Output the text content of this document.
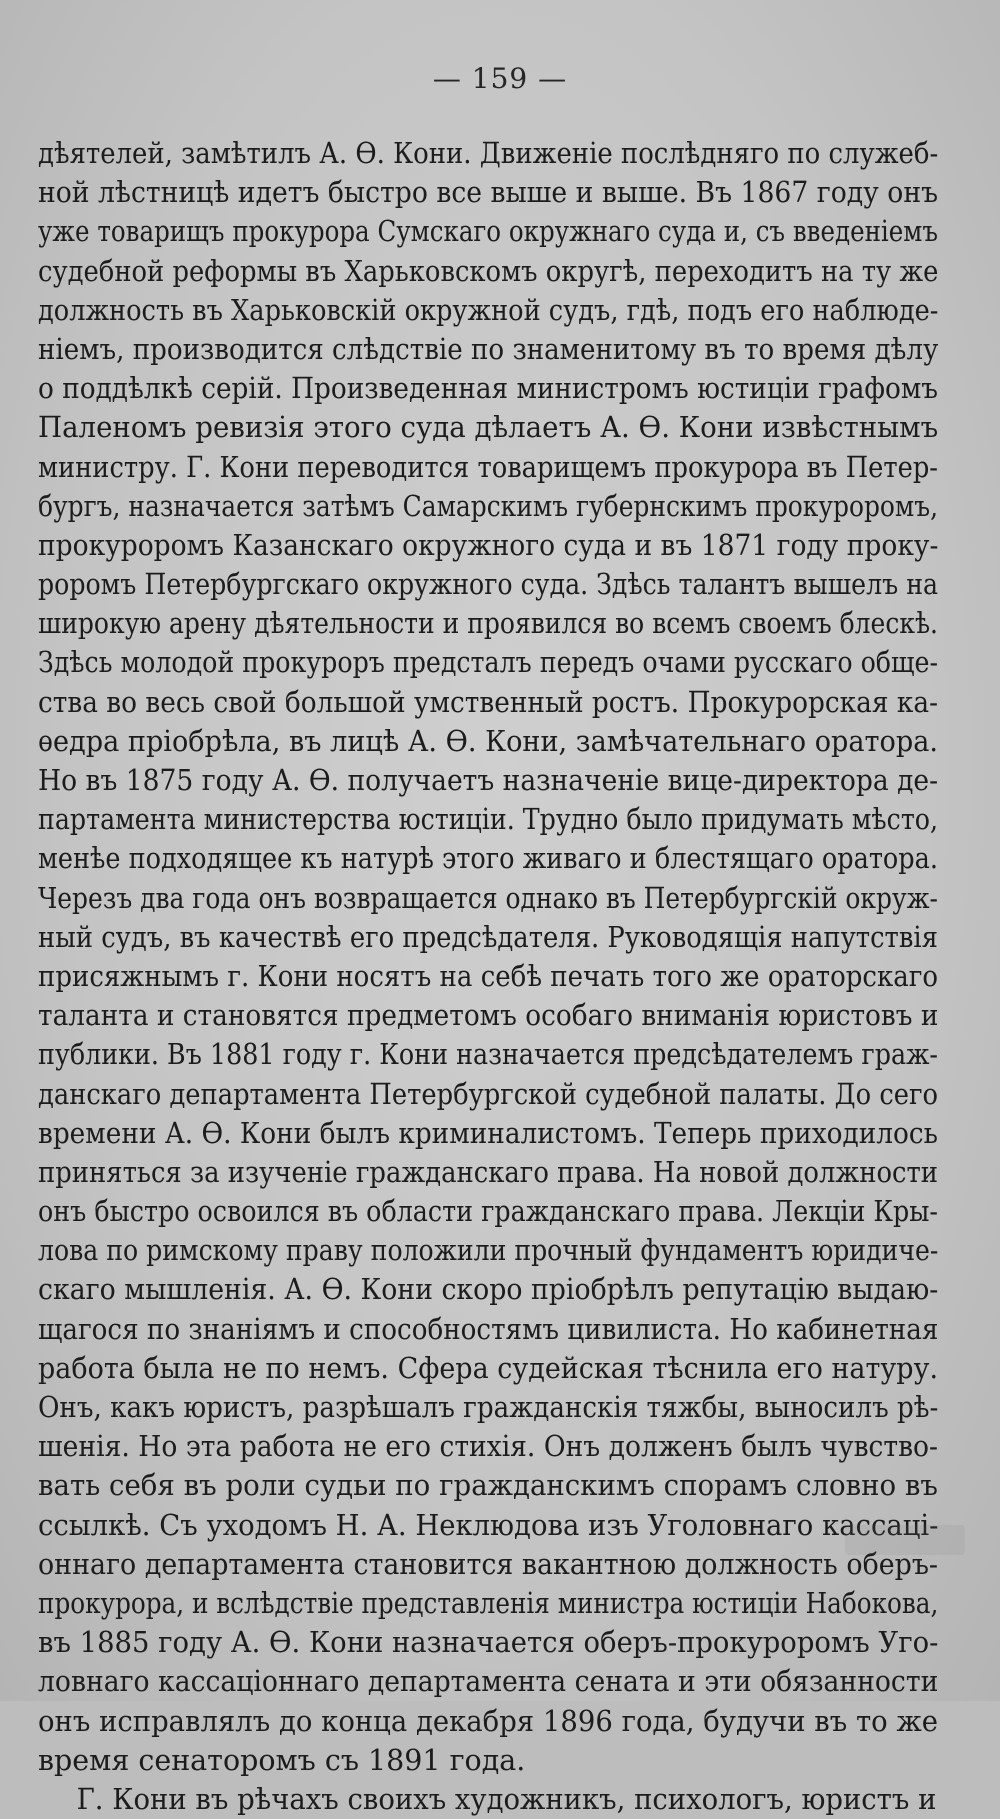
— 159 —
дѣятелей, замѣтилъ А. Ѳ. Кони. Движеніе послѣдняго по служеб-
ной лѣстницѣ идетъ быстро все выше и выше. Въ 1867 году онъ
уже товарищъ прокурора Сумскаго окружнаго суда и, съ введеніемъ
судебной реформы въ Харьковскомъ округѣ, переходитъ на ту же
должность въ Харьковскій окружной судъ, гдѣ, подъ его наблюде-
ніемъ, производится слѣдствіе по знаменитому въ то время дѣлу
о поддѣлкѣ серій. Произведенная министромъ юстиціи графомъ
Паленомъ ревизія этого суда дѣлаетъ А. Ѳ. Кони извѣстнымъ
министру. Г. Кони переводится товарищемъ прокурора въ Петер-
бургъ, назначается затѣмъ Самарскимъ губернскимъ прокуроромъ,
прокуроромъ Казанскаго окружного суда и въ 1871 году проку-
роромъ Петербургскаго окружного суда. Здѣсь талантъ вышелъ на
широкую арену дѣятельности и проявился во всемъ своемъ блескѣ.
Здѣсь молодой прокуроръ предсталъ передъ очами русскаго обще-
ства во весь свой большой умственный ростъ. Прокурорская ка-
ѳедра пріобрѣла, въ лицѣ А. Ѳ. Кони, замѣчательнаго оратора.
Но въ 1875 году А. Ѳ. получаетъ назначеніе вице-директора де-
партамента министерства юстиціи. Трудно было придумать мѣсто,
менѣе подходящее къ натурѣ этого живаго и блестящаго оратора.
Черезъ два года онъ возвращается однако въ Петербургскій окруж-
ный судъ, въ качествѣ его предсѣдателя. Руководящія напутствія
присяжнымъ г. Кони носятъ на себѣ печать того же ораторскаго
таланта и становятся предметомъ особаго вниманія юристовъ и
публики. Въ 1881 году г. Кони назначается предсѣдателемъ граж-
данскаго департамента Петербургской судебной палаты. До сего
времени А. Ѳ. Кони былъ криминалистомъ. Теперь приходилось
приняться за изученіе гражданскаго права. На новой должности
онъ быстро освоился въ области гражданскаго права. Лекціи Кры-
лова по римскому праву положили прочный фундаментъ юридиче-
скаго мышленія. А. Ѳ. Кони скоро пріобрѣлъ репутацію выдаю-
щагося по знаніямъ и способностямъ цивилиста. Но кабинетная
работа была не по немъ. Сфера судейская тѣснила его натуру.
Онъ, какъ юристъ, разрѣшалъ гражданскія тяжбы, выносилъ рѣ-
шенія. Но эта работа не его стихія. Онъ долженъ былъ чувство-
вать себя въ роли судьи по гражданскимъ спорамъ словно въ
ссылкѣ. Съ уходомъ Н. А. Неклюдова изъ Уголовнаго кассаці-
оннаго департамента становится вакантною должность оберъ-
прокурора, и вслѣдствіе представленія министра юстиціи Набокова,
въ 1885 году А. Ѳ. Кони назначается оберъ-прокуроромъ Уго-
ловнаго кассаціоннаго департамента сената и эти обязанности
онъ исправлялъ до конца декабря 1896 года, будучи въ то же
время сенаторомъ съ 1891 года.
Г. Кони въ рѣчахъ своихъ художникъ, психологъ, юристъ и
